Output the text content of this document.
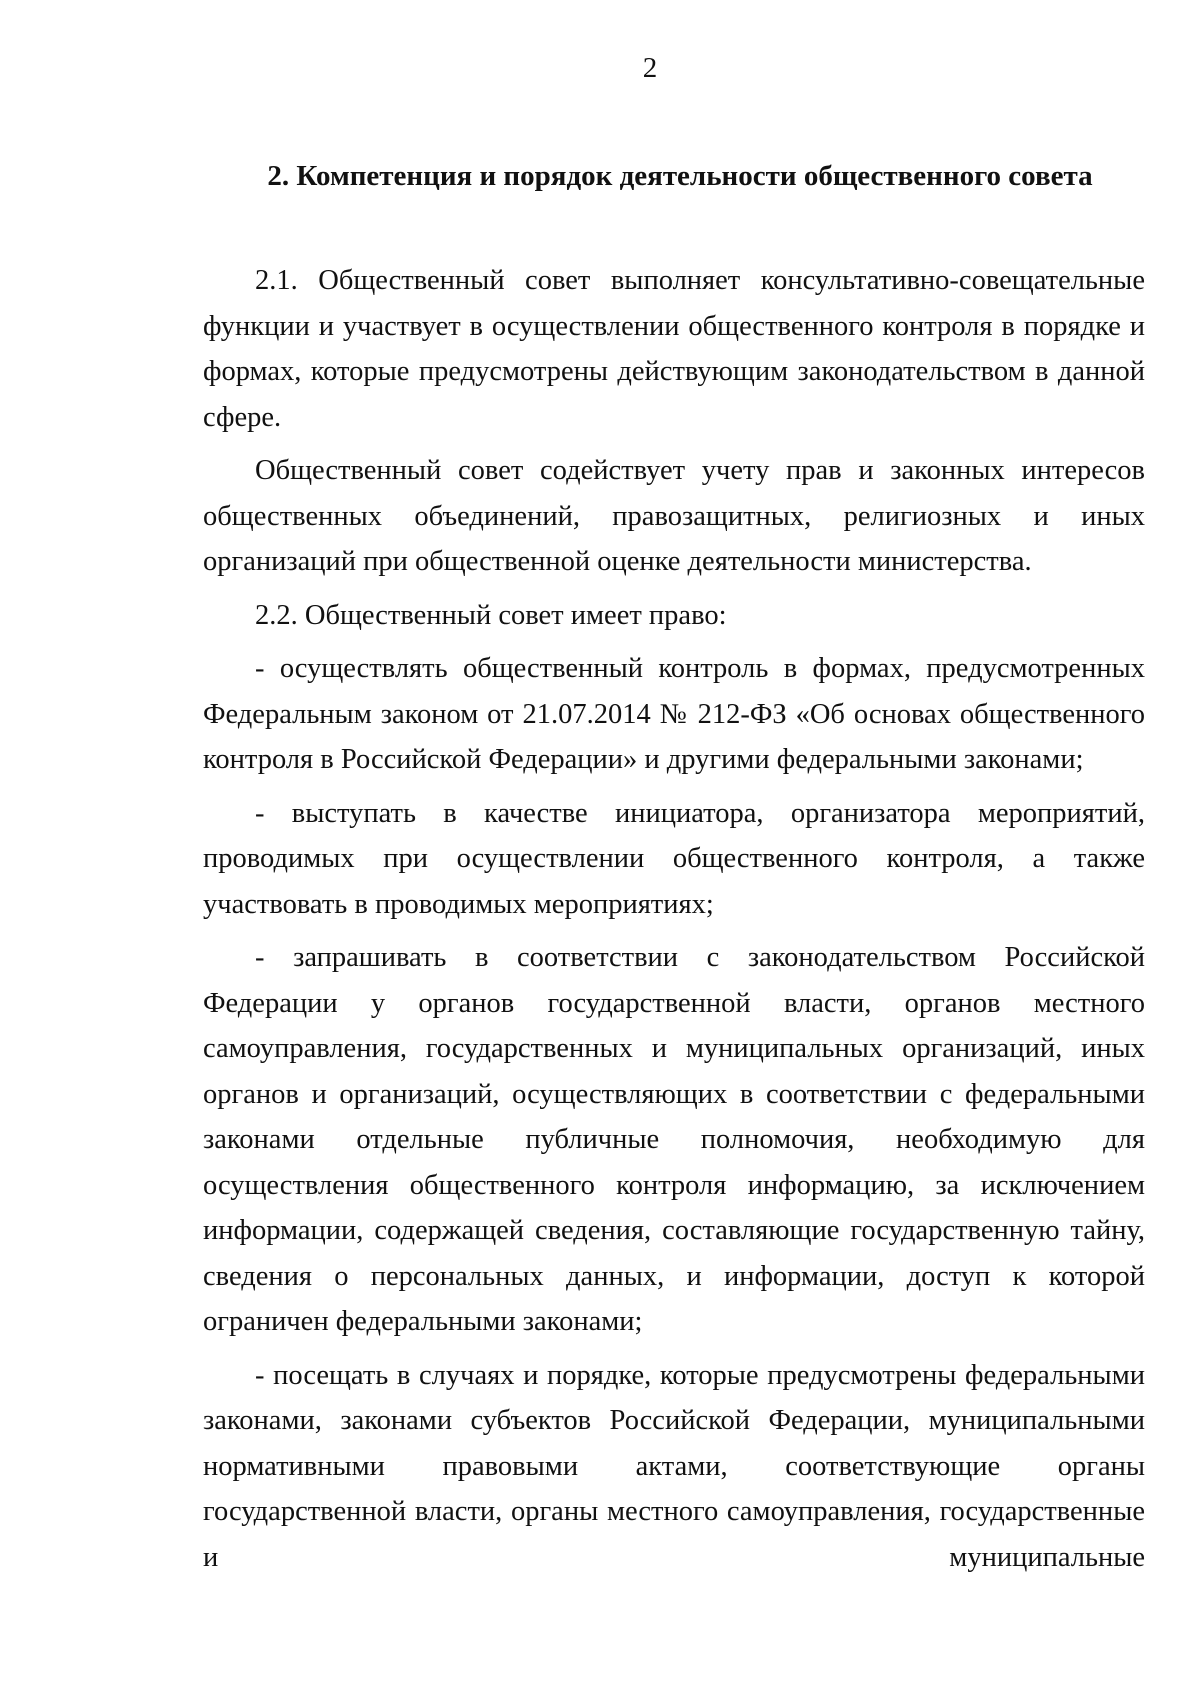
2
2. Компетенция и порядок деятельности общественного совета

2.1. Общественный совет выполняет консультативно-совещательные функции и участвует в осуществлении общественного контроля в порядке и формах, которые предусмотрены действующим законодательством в данной сфере.

Общественный совет содействует учету прав и законных интересов общественных объединений, правозащитных, религиозных и иных организаций при общественной оценке деятельности министерства.

2.2. Общественный совет имеет право:

- осуществлять общественный контроль в формах, предусмотренных Федеральным законом от 21.07.2014 № 212-ФЗ «Об основах общественного контроля в Российской Федерации» и другими федеральными законами;

- выступать в качестве инициатора, организатора мероприятий, проводимых при осуществлении общественного контроля, а также участвовать в проводимых мероприятиях;

- запрашивать в соответствии с законодательством Российской Федерации у органов государственной власти, органов местного самоуправления, государственных и муниципальных организаций, иных органов и организаций, осуществляющих в соответствии с федеральными законами отдельные публичные полномочия, необходимую для осуществления общественного контроля информацию, за исключением информации, содержащей сведения, составляющие государственную тайну, сведения о персональных данных, и информации, доступ к которой ограничен федеральными законами;

- посещать в случаях и порядке, которые предусмотрены федеральными законами, законами субъектов Российской Федерации, муниципальными нормативными правовыми актами, соответствующие органы государственной власти, органы местного самоуправления, государственные и муниципальные
